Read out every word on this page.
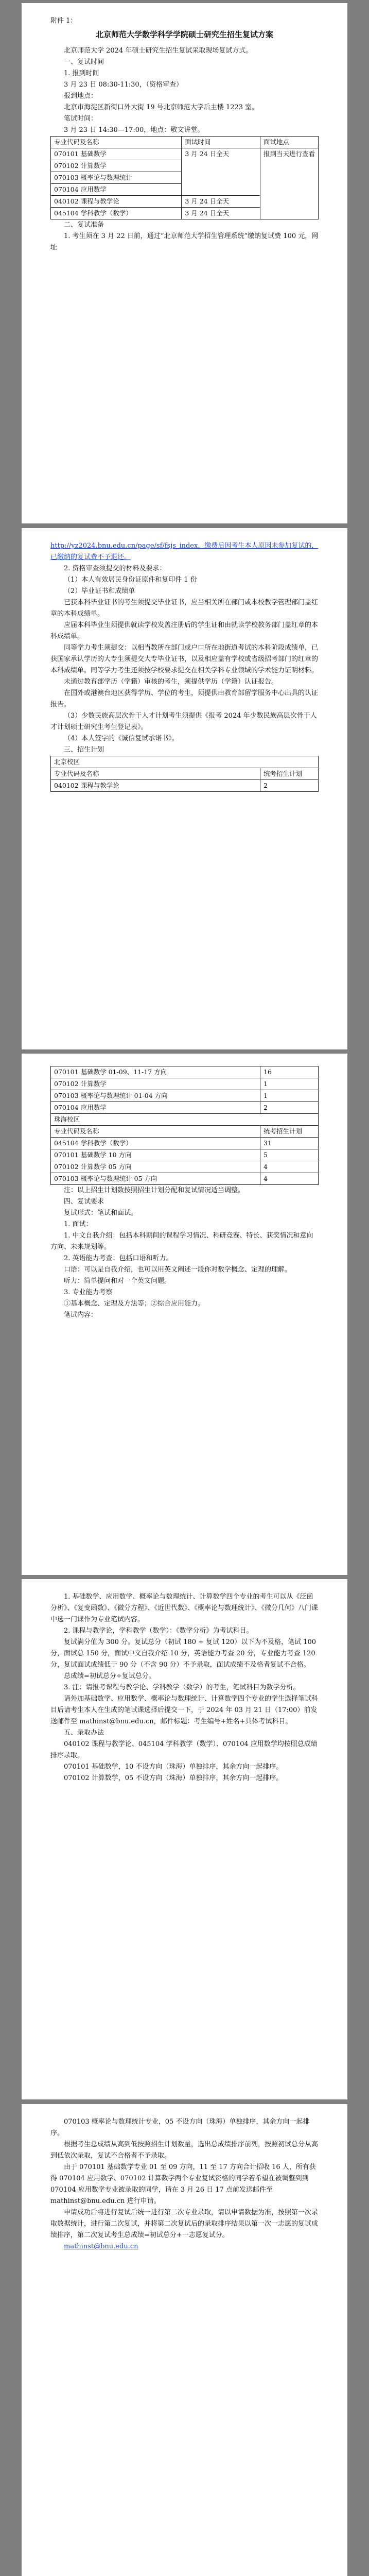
附件 1：

北京师范大学数学科学学院硕士研究生招生复试方案

北京师范大学 2024 年硕士研究生招生复试采取现场复试方式。

一、复试时间

1. 报到时间

3 月 23 日 08:30-11:30，（资格审查）

报到地点：

北京市海淀区新街口外大街 19 号北京师范大学后主楼 1223 室。

笔试时间：

3 月 23 日 14:30—17:00，地点：敬文讲堂。

专业代码及名称	面试时间	面试地点
070101 基础数学	3 月 24 日全天	报到当天进行查看
070102 计算数学		
070103 概率论与数理统计		
070104 应用数学		
040102 课程与教学论	3 月 24 日全天	
045104 学科教学（数学）	3 月 24 日全天	

二、复试准备

1. 考生须在 3 月 22 日前，通过“北京师范大学招生管理系统”缴纳复试费 100 元，网址

http://yz2024.bnu.edu.cn/page/sf/fsjs_index，缴费后因考生本人原因未参加复试的，已缴纳的复试费不予退还。

2. 资格审查须提交的材料及要求：

（1）本人有效居民身份证原件和复印件 1 份

（2）毕业证书和成绩单

已获本科毕业证书的考生须提交毕业证书，应当相关所在部门或本校教学管理部门盖红章的本科成绩单。

应届本科毕业生须提供就读学校发盖注册后的学生证和由就读学校教务部门盖红章的本科成绩单。

同等学力考生须提交：以相当教所在部门或户口所在地街道考试的本科阶段成绩单，已获国家承认学历的大专生须提交大专毕业证书，以及相应盖有学校或省级招考部门的红章的本科成绩单。同等学力考生还须按学校要求提交在相关学科专业领域的学术能力证明材料。

未通过教育部学历（学籍）审核的考生，须提供学历（学籍）认证报告。

在国外或港澳台地区获得学历、学位的考生，须提供由教育部留学服务中心出具的认证报告。

（3）少数民族高层次骨干人才计划考生须提供《报考 2024 年少数民族高层次骨干人才计划硕士研究生考生登记表》。

（4）本人签字的《诚信复试承诺书》。

三、招生计划

北京校区	
专业代码及名称	统考招生计划
040102 课程与教学论	2
070101 基础数学 01-09、11-17 方向	16
070102 计算数学	1
070103 概率论与数理统计 01-04 方向	1
070104 应用数学	2
珠海校区	
专业代码及名称	统考招生计划
045104 学科教学（数学）	31
070101 基础数学 10 方向	5
070102 计算数学 05 方向	4
070103 概率论与数理统计 05 方向	4

注：以上招生计划数按照招生计划分配和复试情况适当调整。

四、复试要求

复试形式：笔试和面试。

1. 面试：

1. 中文自我介绍：包括本科期间的课程学习情况、科研竞赛、特长、获奖情况和意向方向、未来规划等。

2. 英语能力考查：包括口语和听力。

口语：可以是自我介绍，也可以用英文阐述一段你对数学概念、定理的理解。

听力：简单提问和对一个英文问题。

3. 专业能力考察

①基本概念、定理及方法等；②综合应用能力。

笔试内容：

1. 基础数学、应用数学、概率论与数理统计、计算数学四个专业的考生可以从《泛函分析》、《复变函数》、《微分方程》、《近世代数》、《概率论与数理统计》、《微分几何》八门课中选一门课作为专业笔试内容。

2. 课程与教学论，学科教学（数学）：《数学分析》为考试科目。

复试满分值为 300 分。复试总分（初试 180 + 复试 120）以下为不及格，笔试 100 分，面试总 150 分，面试中文自我介绍 10 分，英语能力考查 20 分，专业能力考查 120 分，复试面试成绩低于 90 分（不含 90 分）不予录取，面试成绩不及格者复试不合格。

总成绩=初试总分÷复试总分。

3. 注：请报考课程与教学论、学科教学（数学）的考生，笔试科目为数学分析。

请外加基础数学、应用数学、概率论与数理统计、计算数学四个专业的学生选择笔试科目后请考生本人在生成的笔试课选择后提交一下，于 2024 年 03 月 21 日（17:00）前发送邮件至 mathinst@bnu.edu.cn，邮件标题：考生编号+姓名+具体考试科目。

五、录取办法

040102 课程与教学论、045104 学科教学（数学）、070104 应用数学均按照总成绩排序录取。

070101 基础数学，10 不设方向（珠海）单独排序，其余方向一起排序。

070102 计算数学，05 不设方向（珠海）单独排序，其余方向一起排序。

070103 概率论与数理统计专业，05 不设方向（珠海）单独排序，其余方向一起排序。

根据考生总成绩从高到低按照招生计划数量，选出总成绩排序前列，按照初试总分从高到低依次录取，复试不合格者不予录取。

由于 070101 基础数学专业 01 至 09 方向，11 至 17 方向合计招收 16 人，所有获得 070104 应用数学、070102 计算数学两个专业复试资格的同学若希望在被调整到到 070104 应用数学专业被录取的同学，请在 3 月 26 日 17 点前发送邮件至 mathinst@bnu.edu.cn 进行申请。

申请成功后将进行复试后统一进行第二次专业录取，请以申请数据为准，按照第一次录取数据统计，进行第二次复试，并将第二次复试后的录取排序结果以第一次一志愿的复试成绩排序，第二次复试考生总成绩=初试总分+一志愿复试分。

mathinst@bnu.edu.cn
